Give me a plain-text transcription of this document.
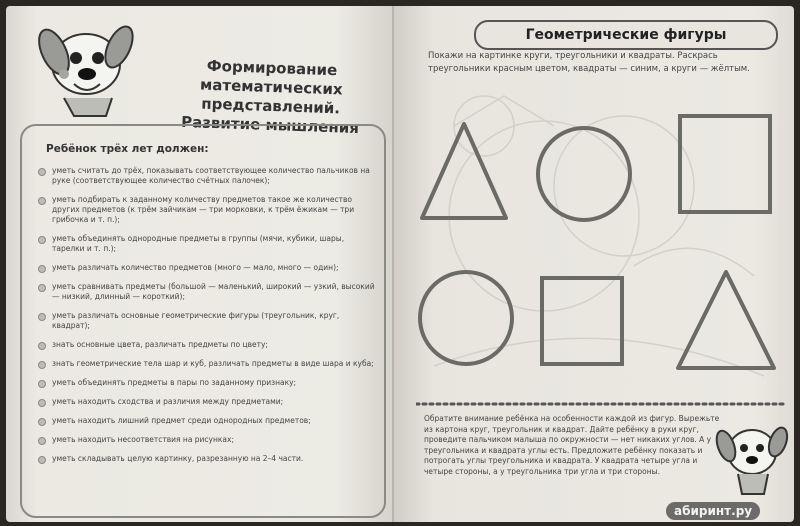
Формирование
математических представлений.
Развитие мышления
Ребёнок трёх лет должен:
уметь считать до трёх, показывать соответствующее количество пальчиков на руке (соответствующее количество счётных палочек);
уметь подбирать к заданному количеству предметов такое же количество других предметов (к трём зайчикам — три морковки, к трём ёжикам — три грибочка и т. п.);
уметь объединять однородные предметы в группы (мячи, кубики, шары, тарелки и т. п.);
уметь различать количество предметов (много — мало, много — один);
уметь сравнивать предметы (большой — маленький, широкий — узкий, высокий — низкий, длинный — короткий);
уметь различать основные геометрические фигуры (треугольник, круг, квадрат);
знать основные цвета, различать предметы по цвету;
знать геометрические тела шар и куб, различать предметы в виде шара и куба;
уметь объединять предметы в пары по заданному признаку;
уметь находить сходства и различия между предметами;
уметь находить лишний предмет среди однородных предметов;
уметь находить несоответствия на рисунках;
уметь складывать целую картинку, разрезанную на 2–4 части.
Геометрические фигуры
Покажи на картинке круги, треугольники и квадраты. Раскрась треугольники красным цветом, квадраты — синим, а круги — жёлтым.
Обратите внимание ребёнка на особенности каждой из фигур. Вырежьте из картона круг, треугольник и квадрат. Дайте ребёнку в руки круг, проведите пальчиком малыша по окружности — нет никаких углов. А у треугольника и квадрата углы есть. Предложите ребёнку показать и потрогать углы треугольника и квадрата. У квадрата четыре угла и четыре стороны, а у треугольника три угла и три стороны.
абиринт.ру
